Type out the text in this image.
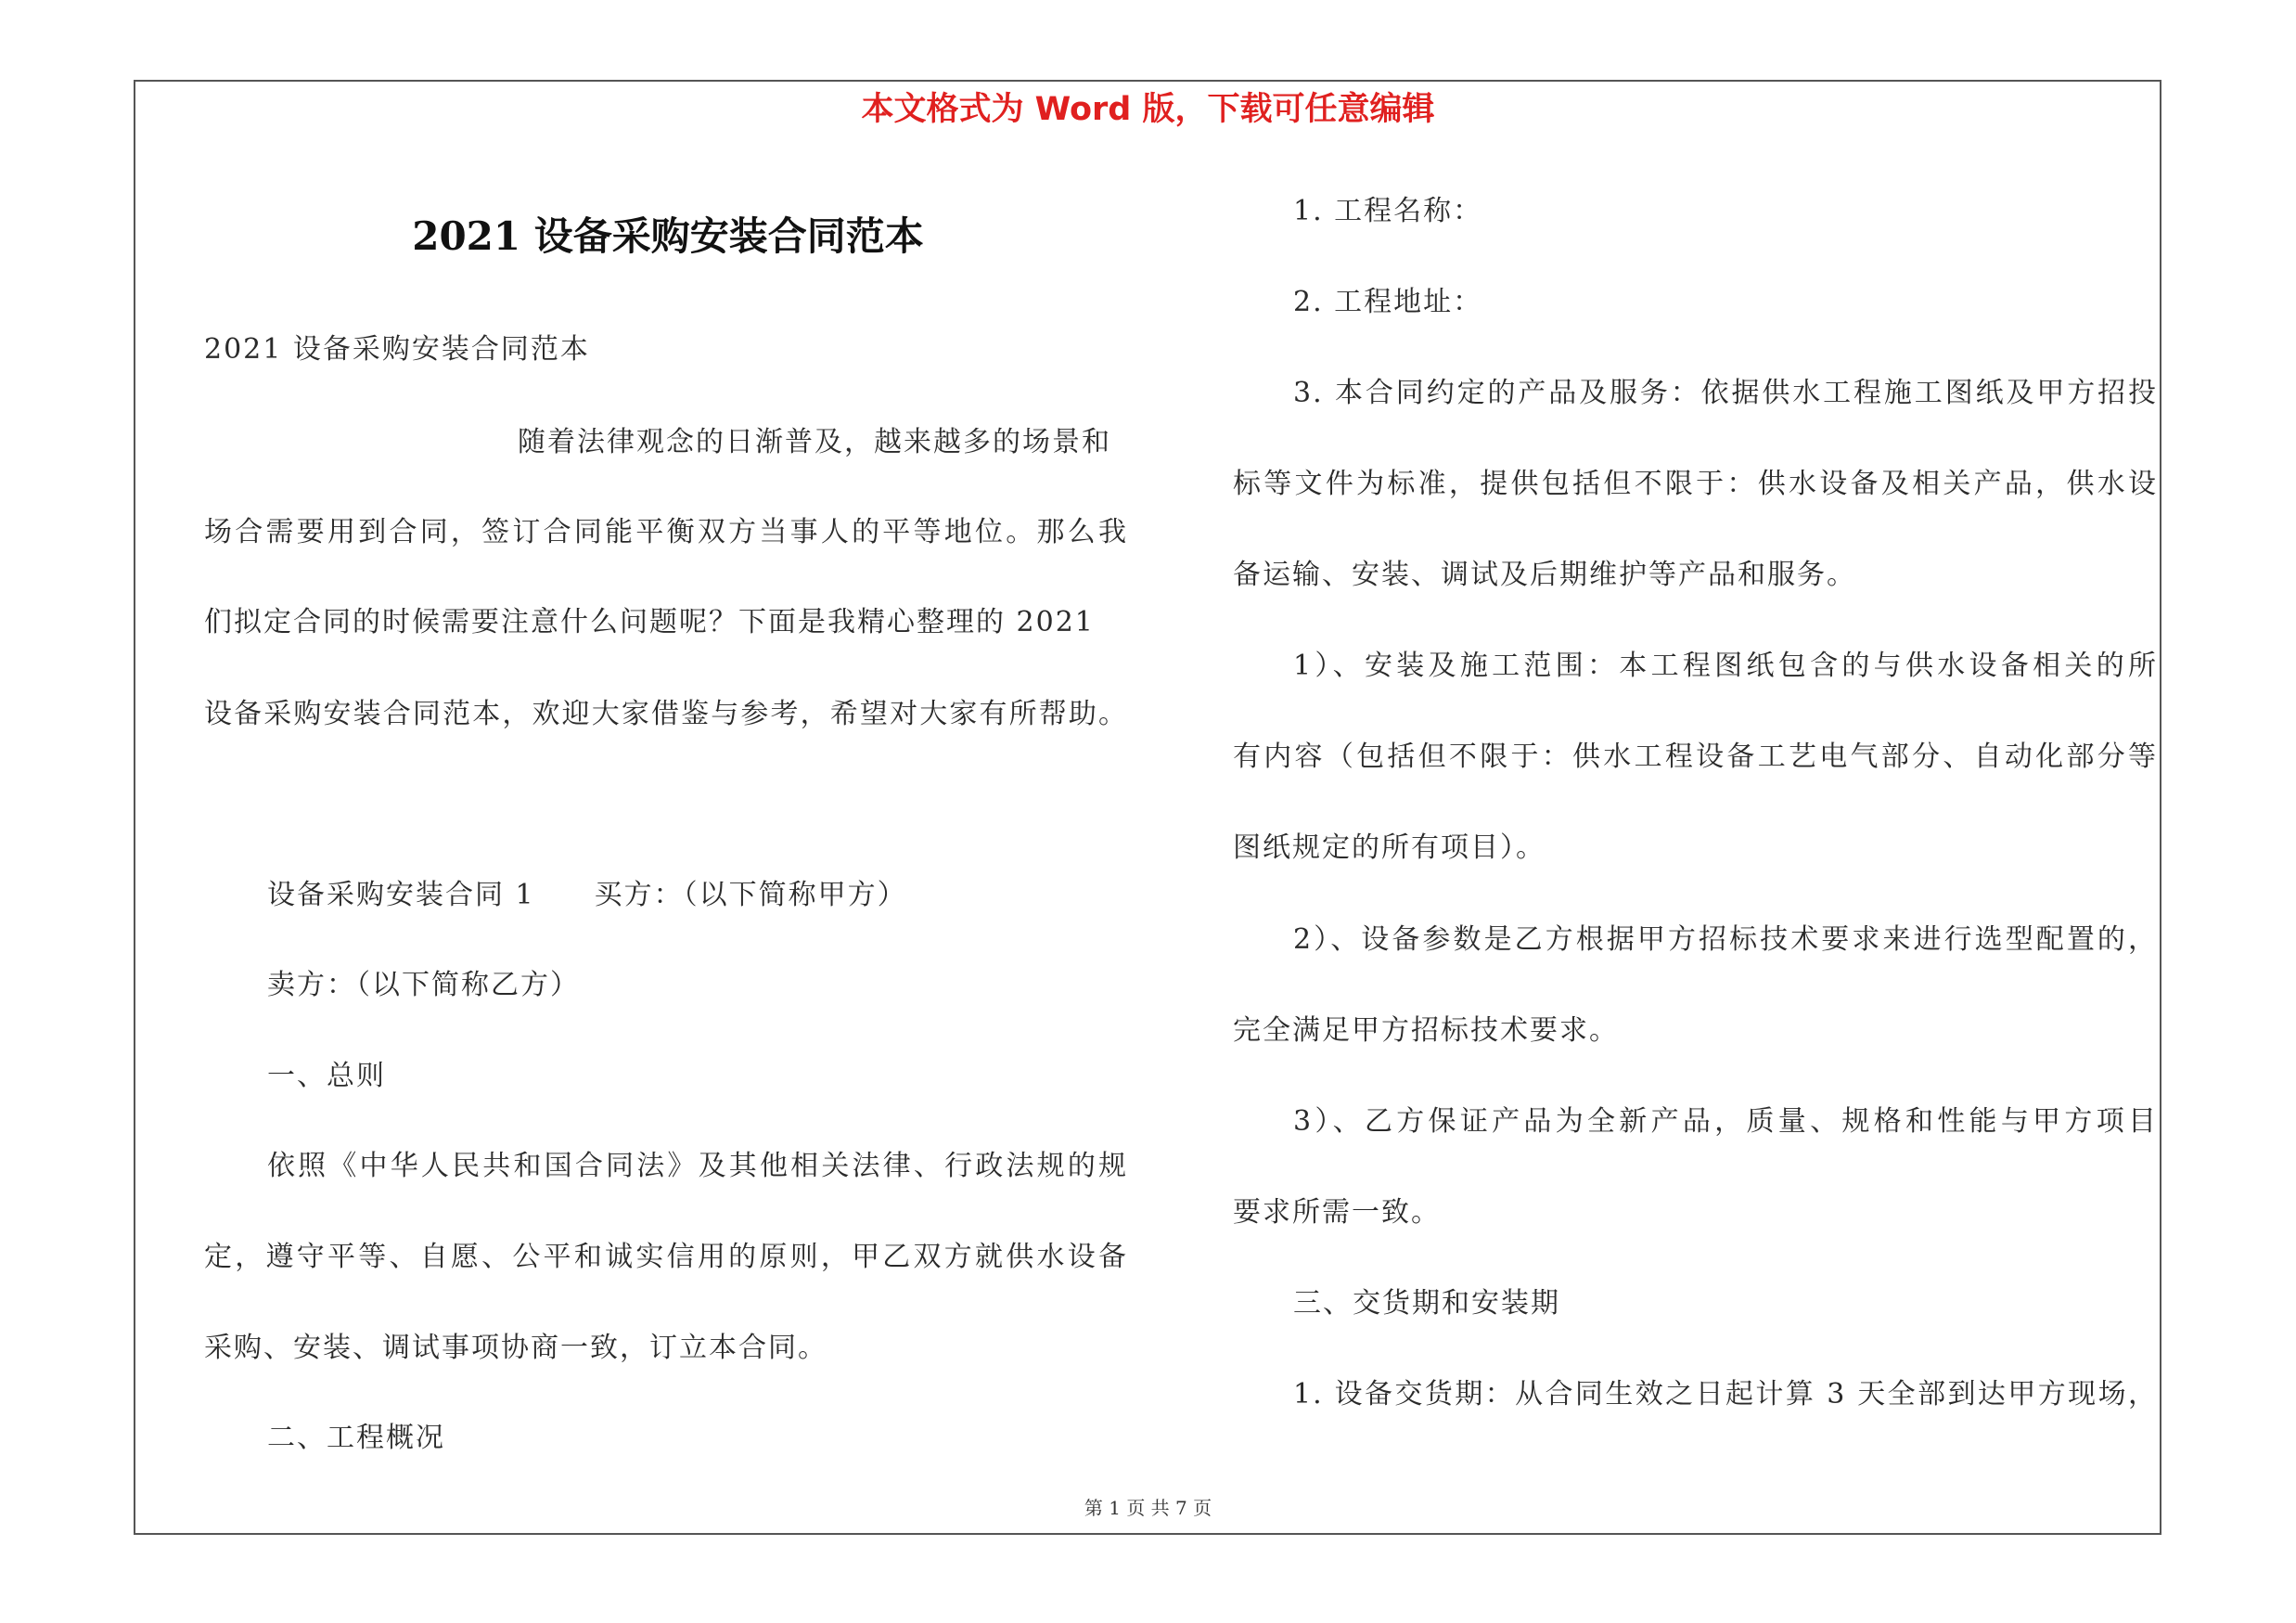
本文格式为 Word 版，下载可任意编辑
2021 设备采购安装合同范本
2021 设备采购安装合同范本
随着法律观念的日渐普及，越来越多的场景和
场合需要用到合同，签订合同能平衡双方当事人的平等地位。那么我
们拟定合同的时候需要注意什么问题呢？下面是我精心整理的 2021
设备采购安装合同范本，欢迎大家借鉴与参考，希望对大家有所帮助。
设备采购安装合同 1　　买方：（以下简称甲方）
卖方：（以下简称乙方）
一、总则
依照《中华人民共和国合同法》及其他相关法律、行政法规的规
定，遵守平等、自愿、公平和诚实信用的原则，甲乙双方就供水设备
采购、安装、调试事项协商一致，订立本合同。
二、工程概况
1. 工程名称：
2. 工程地址：
3. 本合同约定的产品及服务：依据供水工程施工图纸及甲方招投
标等文件为标准，提供包括但不限于：供水设备及相关产品，供水设
备运输、安装、调试及后期维护等产品和服务。
1）、安装及施工范围：本工程图纸包含的与供水设备相关的所
有内容（包括但不限于：供水工程设备工艺电气部分、自动化部分等
图纸规定的所有项目）。
2）、设备参数是乙方根据甲方招标技术要求来进行选型配置的，
完全满足甲方招标技术要求。
3）、乙方保证产品为全新产品，质量、规格和性能与甲方项目
要求所需一致。
三、交货期和安装期
1. 设备交货期：从合同生效之日起计算 3 天全部到达甲方现场，
第 1 页 共 7 页
